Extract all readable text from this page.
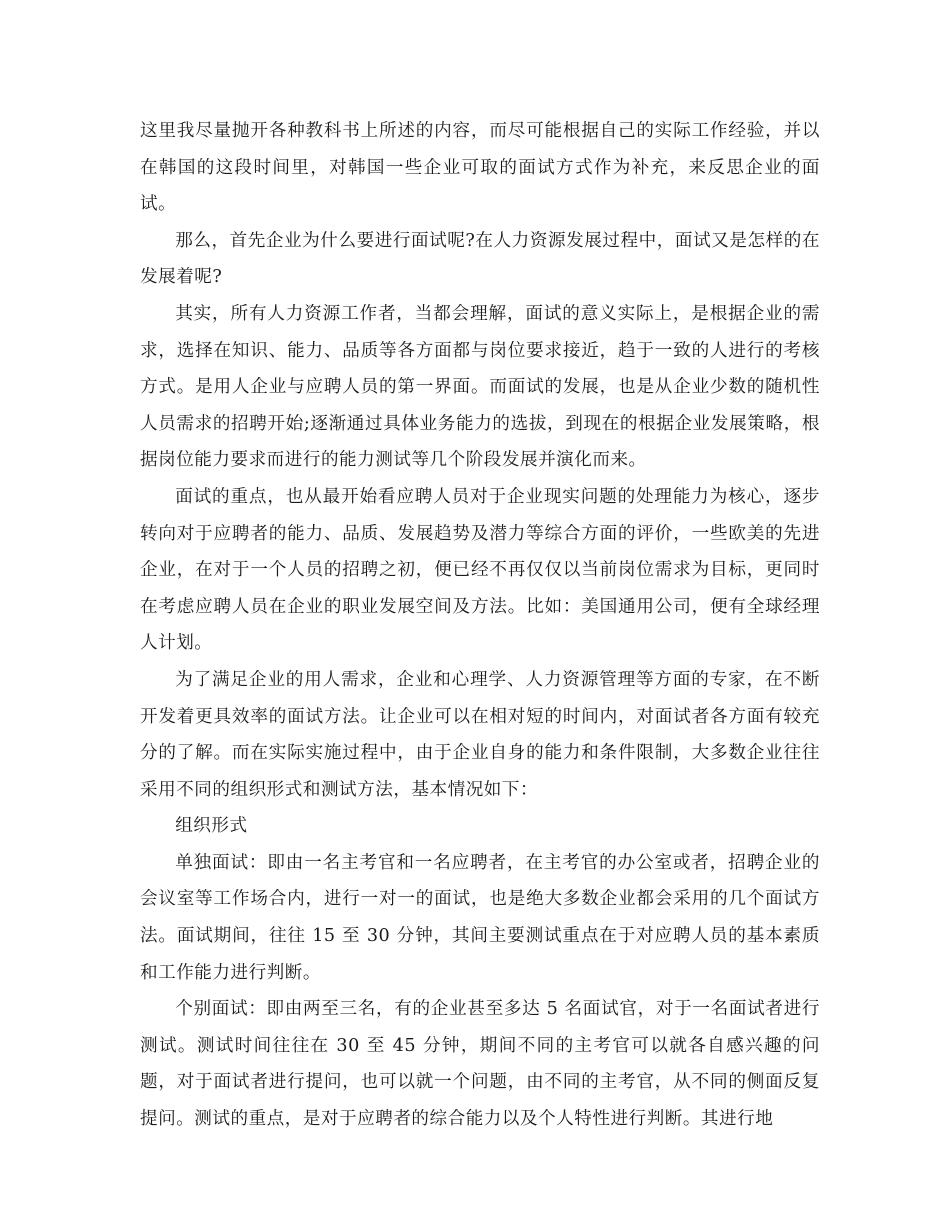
这里我尽量抛开各种教科书上所述的内容，而尽可能根据自己的实际工作经验，并以在韩国的这段时间里，对韩国一些企业可取的面试方式作为补充，来反思企业的面试。

那么，首先企业为什么要进行面试呢?在人力资源发展过程中，面试又是怎样的在发展着呢?

其实，所有人力资源工作者，当都会理解，面试的意义实际上，是根据企业的需求，选择在知识、能力、品质等各方面都与岗位要求接近，趋于一致的人进行的考核方式。是用人企业与应聘人员的第一界面。而面试的发展，也是从企业少数的随机性人员需求的招聘开始;逐渐通过具体业务能力的选拔，到现在的根据企业发展策略，根据岗位能力要求而进行的能力测试等几个阶段发展并演化而来。

面试的重点，也从最开始看应聘人员对于企业现实问题的处理能力为核心，逐步转向对于应聘者的能力、品质、发展趋势及潜力等综合方面的评价，一些欧美的先进企业，在对于一个人员的招聘之初，便已经不再仅仅以当前岗位需求为目标，更同时在考虑应聘人员在企业的职业发展空间及方法。比如：美国通用公司，便有全球经理人计划。

为了满足企业的用人需求，企业和心理学、人力资源管理等方面的专家，在不断开发着更具效率的面试方法。让企业可以在相对短的时间内，对面试者各方面有较充分的了解。而在实际实施过程中，由于企业自身的能力和条件限制，大多数企业往往采用不同的组织形式和测试方法，基本情况如下：

组织形式

单独面试：即由一名主考官和一名应聘者，在主考官的办公室或者，招聘企业的会议室等工作场合内，进行一对一的面试，也是绝大多数企业都会采用的几个面试方法。面试期间，往往 15 至 30 分钟，其间主要测试重点在于对应聘人员的基本素质和工作能力进行判断。

个别面试：即由两至三名，有的企业甚至多达 5 名面试官，对于一名面试者进行测试。测试时间往往在 30 至 45 分钟，期间不同的主考官可以就各自感兴趣的问题，对于面试者进行提问，也可以就一个问题，由不同的主考官，从不同的侧面反复提问。测试的重点，是对于应聘者的综合能力以及个人特性进行判断。其进行地
